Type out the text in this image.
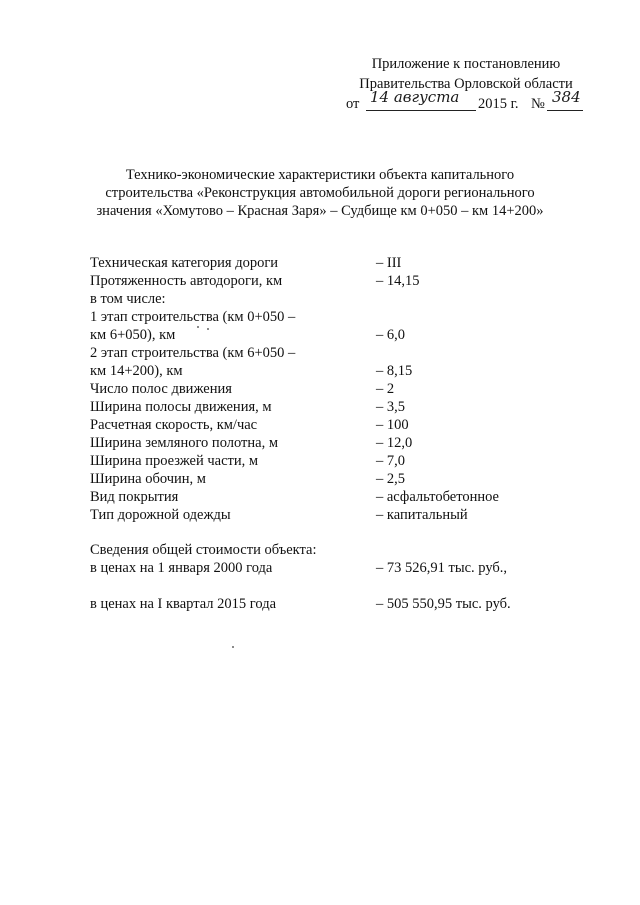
Приложение к постановлению
Правительства Орловской области
от 14 августа 2015 г. № 384
Технико-экономические характеристики объекта капитального
строительства «Реконструкция автомобильной дороги регионального
значения «Хомутово – Красная Заря» – Судбище км 0+050 – км 14+200»
Техническая категория дороги	– III
Протяженность автодороги, км	– 14,15
в том числе:
1 этап строительства (км 0+050 –
км 6+050), км	– 6,0
2 этап строительства (км 6+050 –
км 14+200), км	– 8,15
Число полос движения	– 2
Ширина полосы движения, м	– 3,5
Расчетная скорость, км/час	– 100
Ширина земляного полотна, м	– 12,0
Ширина проезжей части, м	– 7,0
Ширина обочин, м	– 2,5
Вид покрытия	– асфальтобетонное
Тип дорожной одежды	– капитальный
Сведения общей стоимости объекта:
в ценах на 1 января 2000 года	– 73 526,91 тыс. руб.,
в ценах на I квартал 2015 года	– 505 550,95 тыс. руб.
